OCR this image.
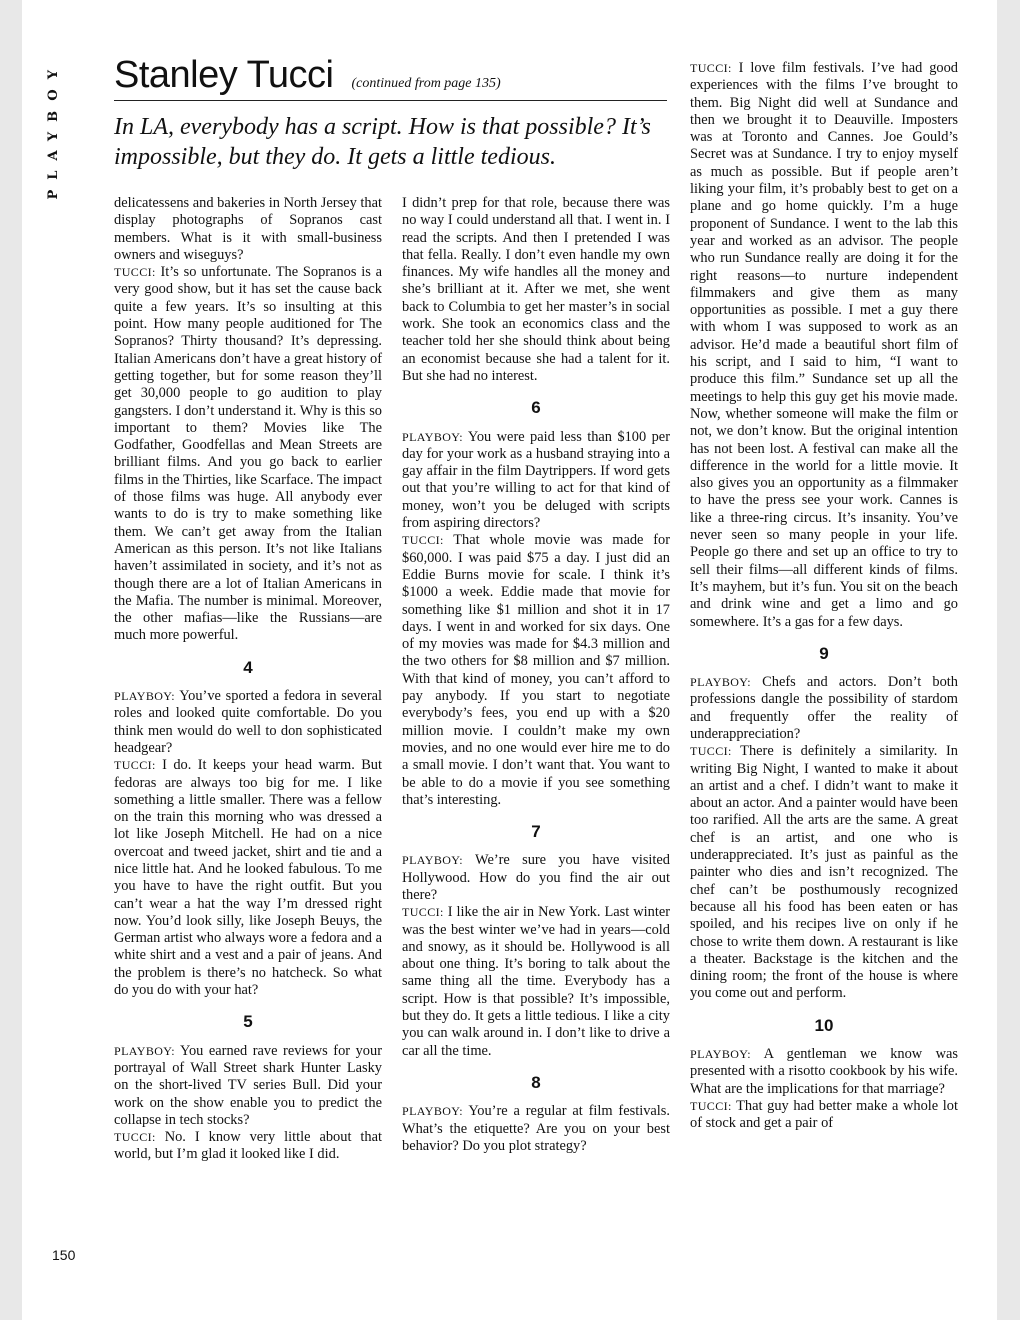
PLAYBOY
150
Stanley Tucci (continued from page 135)
In LA, everybody has a script. How is that possible? It’s impossible, but they do. It gets a little tedious.

delicatessens and bakeries in North Jersey that display photographs of Sopranos cast members. What is it with small-business owners and wiseguys?

TUCCI: It’s so unfortunate. The Sopranos is a very good show, but it has set the cause back quite a few years. It’s so insulting at this point. How many people auditioned for The Sopranos? Thirty thousand? It’s depressing. Italian Americans don’t have a great history of getting together, but for some reason they’ll get 30,000 people to go audition to play gangsters. I don’t understand it. Why is this so important to them? Movies like The Godfather, Goodfellas and Mean Streets are brilliant films. And you go back to earlier films in the Thirties, like Scarface. The impact of those films was huge. All anybody ever wants to do is try to make something like them. We can’t get away from the Italian American as this person. It’s not like Italians haven’t assimilated in society, and it’s not as though there are a lot of Italian Americans in the Mafia. The number is minimal. Moreover, the other mafias—like the Russians—are much more powerful.

4

PLAYBOY: You’ve sported a fedora in several roles and looked quite comfortable. Do you think men would do well to don sophisticated headgear?

TUCCI: I do. It keeps your head warm. But fedoras are always too big for me. I like something a little smaller. There was a fellow on the train this morning who was dressed a lot like Joseph Mitchell. He had on a nice overcoat and tweed jacket, shirt and tie and a nice little hat. And he looked fabulous. To me you have to have the right outfit. But you can’t wear a hat the way I’m dressed right now. You’d look silly, like Joseph Beuys, the German artist who always wore a fedora and a white shirt and a vest and a pair of jeans. And the problem is there’s no hatcheck. So what do you do with your hat?

5

PLAYBOY: You earned rave reviews for your portrayal of Wall Street shark Hunter Lasky on the short-lived TV series Bull. Did your work on the show enable you to predict the collapse in tech stocks?

TUCCI: No. I know very little about that world, but I’m glad it looked like I did.

I didn’t prep for that role, because there was no way I could understand all that. I went in. I read the scripts. And then I pretended I was that fella. Really. I don’t even handle my own finances. My wife handles all the money and she’s brilliant at it. After we met, she went back to Columbia to get her master’s in social work. She took an economics class and the teacher told her she should think about being an economist because she had a talent for it. But she had no interest.

6

PLAYBOY: You were paid less than $100 per day for your work as a husband straying into a gay affair in the film Daytrippers. If word gets out that you’re willing to act for that kind of money, won’t you be deluged with scripts from aspiring directors?

TUCCI: That whole movie was made for $60,000. I was paid $75 a day. I just did an Eddie Burns movie for scale. I think it’s $1000 a week. Eddie made that movie for something like $1 million and shot it in 17 days. I went in and worked for six days. One of my movies was made for $4.3 million and the two others for $8 million and $7 million. With that kind of money, you can’t afford to pay anybody. If you start to negotiate everybody’s fees, you end up with a $20 million movie. I couldn’t make my own movies, and no one would ever hire me to do a small movie. I don’t want that. You want to be able to do a movie if you see something that’s interesting.

7

PLAYBOY: We’re sure you have visited Hollywood. How do you find the air out there?

TUCCI: I like the air in New York. Last winter was the best winter we’ve had in years—cold and snowy, as it should be. Hollywood is all about one thing. It’s boring to talk about the same thing all the time. Everybody has a script. How is that possible? It’s impossible, but they do. It gets a little tedious. I like a city you can walk around in. I don’t like to drive a car all the time.

8

PLAYBOY: You’re a regular at film festivals. What’s the etiquette? Are you on your best behavior? Do you plot strategy?

TUCCI: I love film festivals. I’ve had good experiences with the films I’ve brought to them. Big Night did well at Sundance and then we brought it to Deauville. Imposters was at Toronto and Cannes. Joe Gould’s Secret was at Sundance. I try to enjoy myself as much as possible. But if people aren’t liking your film, it’s probably best to get on a plane and go home quickly. I’m a huge proponent of Sundance. I went to the lab this year and worked as an advisor. The people who run Sundance really are doing it for the right reasons—to nurture independent filmmakers and give them as many opportunities as possible. I met a guy there with whom I was supposed to work as an advisor. He’d made a beautiful short film of his script, and I said to him, “I want to produce this film.” Sundance set up all the meetings to help this guy get his movie made. Now, whether someone will make the film or not, we don’t know. But the original intention has not been lost. A festival can make all the difference in the world for a little movie. It also gives you an opportunity as a filmmaker to have the press see your work. Cannes is like a three-ring circus. It’s insanity. You’ve never seen so many people in your life. People go there and set up an office to try to sell their films—all different kinds of films. It’s mayhem, but it’s fun. You sit on the beach and drink wine and get a limo and go somewhere. It’s a gas for a few days.

9

PLAYBOY: Chefs and actors. Don’t both professions dangle the possibility of stardom and frequently offer the reality of underappreciation?

TUCCI: There is definitely a similarity. In writing Big Night, I wanted to make it about an artist and a chef. I didn’t want to make it about an actor. And a painter would have been too rarified. All the arts are the same. A great chef is an artist, and one who is underappreciated. It’s just as painful as the painter who dies and isn’t recognized. The chef can’t be posthumously recognized because all his food has been eaten or has spoiled, and his recipes live on only if he chose to write them down. A restaurant is like a theater. Backstage is the kitchen and the dining room; the front of the house is where you come out and perform.

10

PLAYBOY: A gentleman we know was presented with a risotto cookbook by his wife. What are the implications for that marriage?

TUCCI: That guy had better make a whole lot of stock and get a pair of
